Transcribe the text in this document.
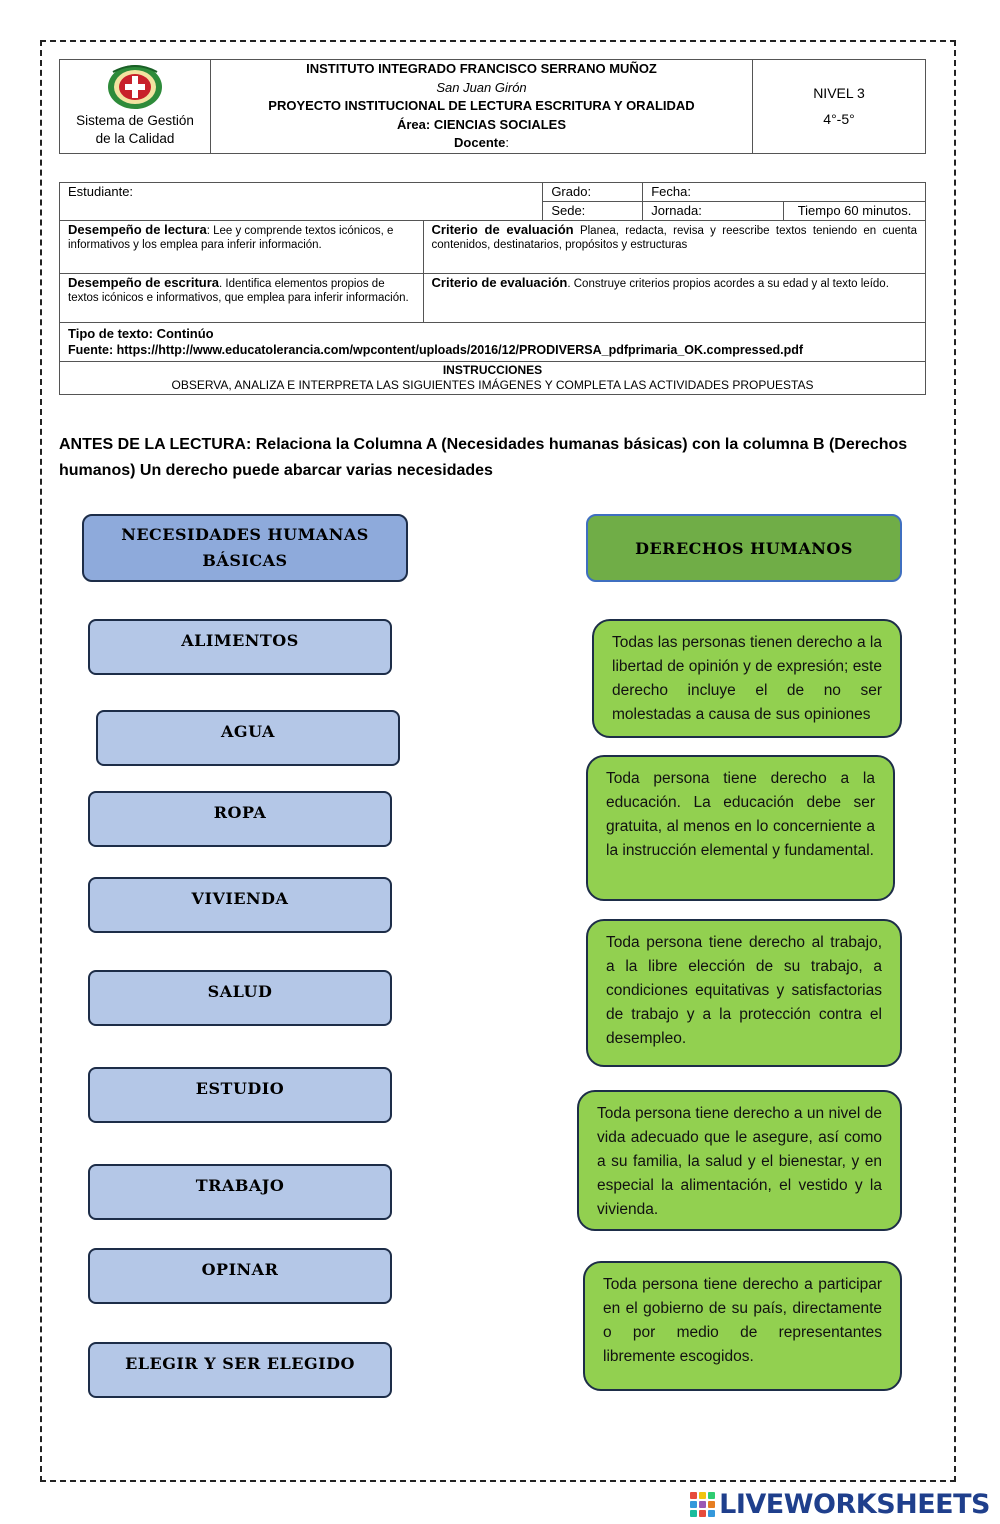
Sistema de Gestión de la Calidad

INSTITUTO INTEGRADO FRANCISCO SERRANO MUÑOZ
San Juan Girón
PROYECTO INSTITUCIONAL DE LECTURA ESCRITURA Y ORALIDAD
Área: CIENCIAS SOCIALES
Docente:

NIVEL 3
4°-5°
Estudiante:		Grado:	Fecha:	
		Sede:	Jornada:	Tiempo 60 minutos.
Desempeño de lectura: Lee y comprende textos icónicos, e informativos y los emplea para inferir información.	Criterio de evaluación Planea, redacta, revisa y reescribe textos teniendo en cuenta contenidos, destinatarios, propósitos y estructuras			
Desempeño de escritura. Identifica elementos propios de textos icónicos e informativos, que emplea para inferir información.	Criterio de evaluación. Construye criterios propios acordes a su edad y al texto leído.			

Tipo de texto: Continúo
Fuente: https://http://www.educatolerancia.com/wpcontent/uploads/2016/12/PRODIVERSA_pdfprimaria_OK.compressed.pdf				

INSTRUCCIONES
OBSERVA, ANALIZA E INTERPRETA LAS SIGUIENTES IMÁGENES Y COMPLETA LAS ACTIVIDADES PROPUESTAS				
ANTES DE LA LECTURA: Relaciona la Columna A (Necesidades humanas básicas) con la columna B (Derechos humanos) Un derecho puede abarcar varias necesidades
NECESIDADES HUMANAS
BÁSICAS
ALIMENTOS
AGUA
ROPA
VIVIENDA
SALUD
ESTUDIO
TRABAJO
OPINAR
ELEGIR Y SER ELEGIDO
DERECHOS HUMANOS
Todas las personas tienen derecho a la libertad de opinión y de expresión; este derecho incluye el de no ser molestadas a causa de sus opiniones
Toda persona tiene derecho a la educación. La educación debe ser gratuita, al menos en lo concerniente a la instrucción elemental y fundamental.
Toda persona tiene derecho al trabajo, a la libre elección de su trabajo, a condiciones equitativas y satisfactorias de trabajo y a la protección contra el desempleo.
Toda persona tiene derecho a un nivel de vida adecuado que le asegure, así como a su familia, la salud y el bienestar, y en especial la alimentación, el vestido y la vivienda.
Toda persona tiene derecho a participar en el gobierno de su país, directamente o por medio de representantes libremente escogidos.
LIVEWORKSHEETS
